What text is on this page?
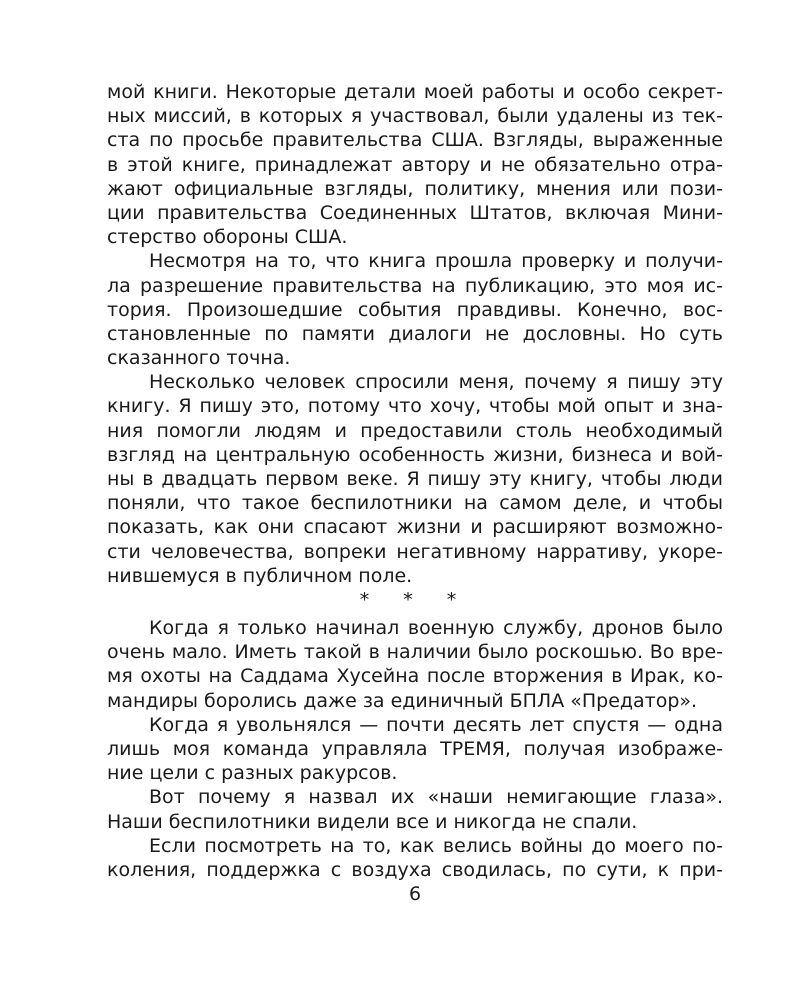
мой книги. Некоторые детали моей работы и особо секрет-
ных миссий, в которых я участвовал, были удалены из тек-
ста по просьбе правительства США. Взгляды, выраженные
в этой книге, принадлежат автору и не обязательно отра-
жают официальные взгляды, политику, мнения или пози-
ции правительства Соединенных Штатов, включая Мини-
стерство обороны США.
Несмотря на то, что книга прошла проверку и получи-
ла разрешение правительства на публикацию, это моя ис-
тория. Произошедшие события правдивы. Конечно, вос-
становленные по памяти диалоги не дословны. Но суть
сказанного точна.
Несколько человек спросили меня, почему я пишу эту
книгу. Я пишу это, потому что хочу, чтобы мой опыт и зна-
ния помогли людям и предоставили столь необходимый
взгляд на центральную особенность жизни, бизнеса и вой-
ны в двадцать первом веке. Я пишу эту книгу, чтобы люди
поняли, что такое беспилотники на самом деле, и чтобы
показать, как они спасают жизни и расширяют возможно-
сти человечества, вопреки негативному нарративу, укоре-
нившемуся в публичном поле.
* * *
Когда я только начинал военную службу, дронов было
очень мало. Иметь такой в наличии было роскошью. Во вре-
мя охоты на Саддама Хусейна после вторжения в Ирак, ко-
мандиры боролись даже за единичный БПЛА «Предатор».
Когда я увольнялся — почти десять лет спустя — одна
лишь моя команда управляла ТРЕМЯ, получая изображе-
ние цели с разных ракурсов.
Вот почему я назвал их «наши немигающие глаза».
Наши беспилотники видели все и никогда не спали.
Если посмотреть на то, как велись войны до моего по-
коления, поддержка с воздуха сводилась, по сути, к при-
6
